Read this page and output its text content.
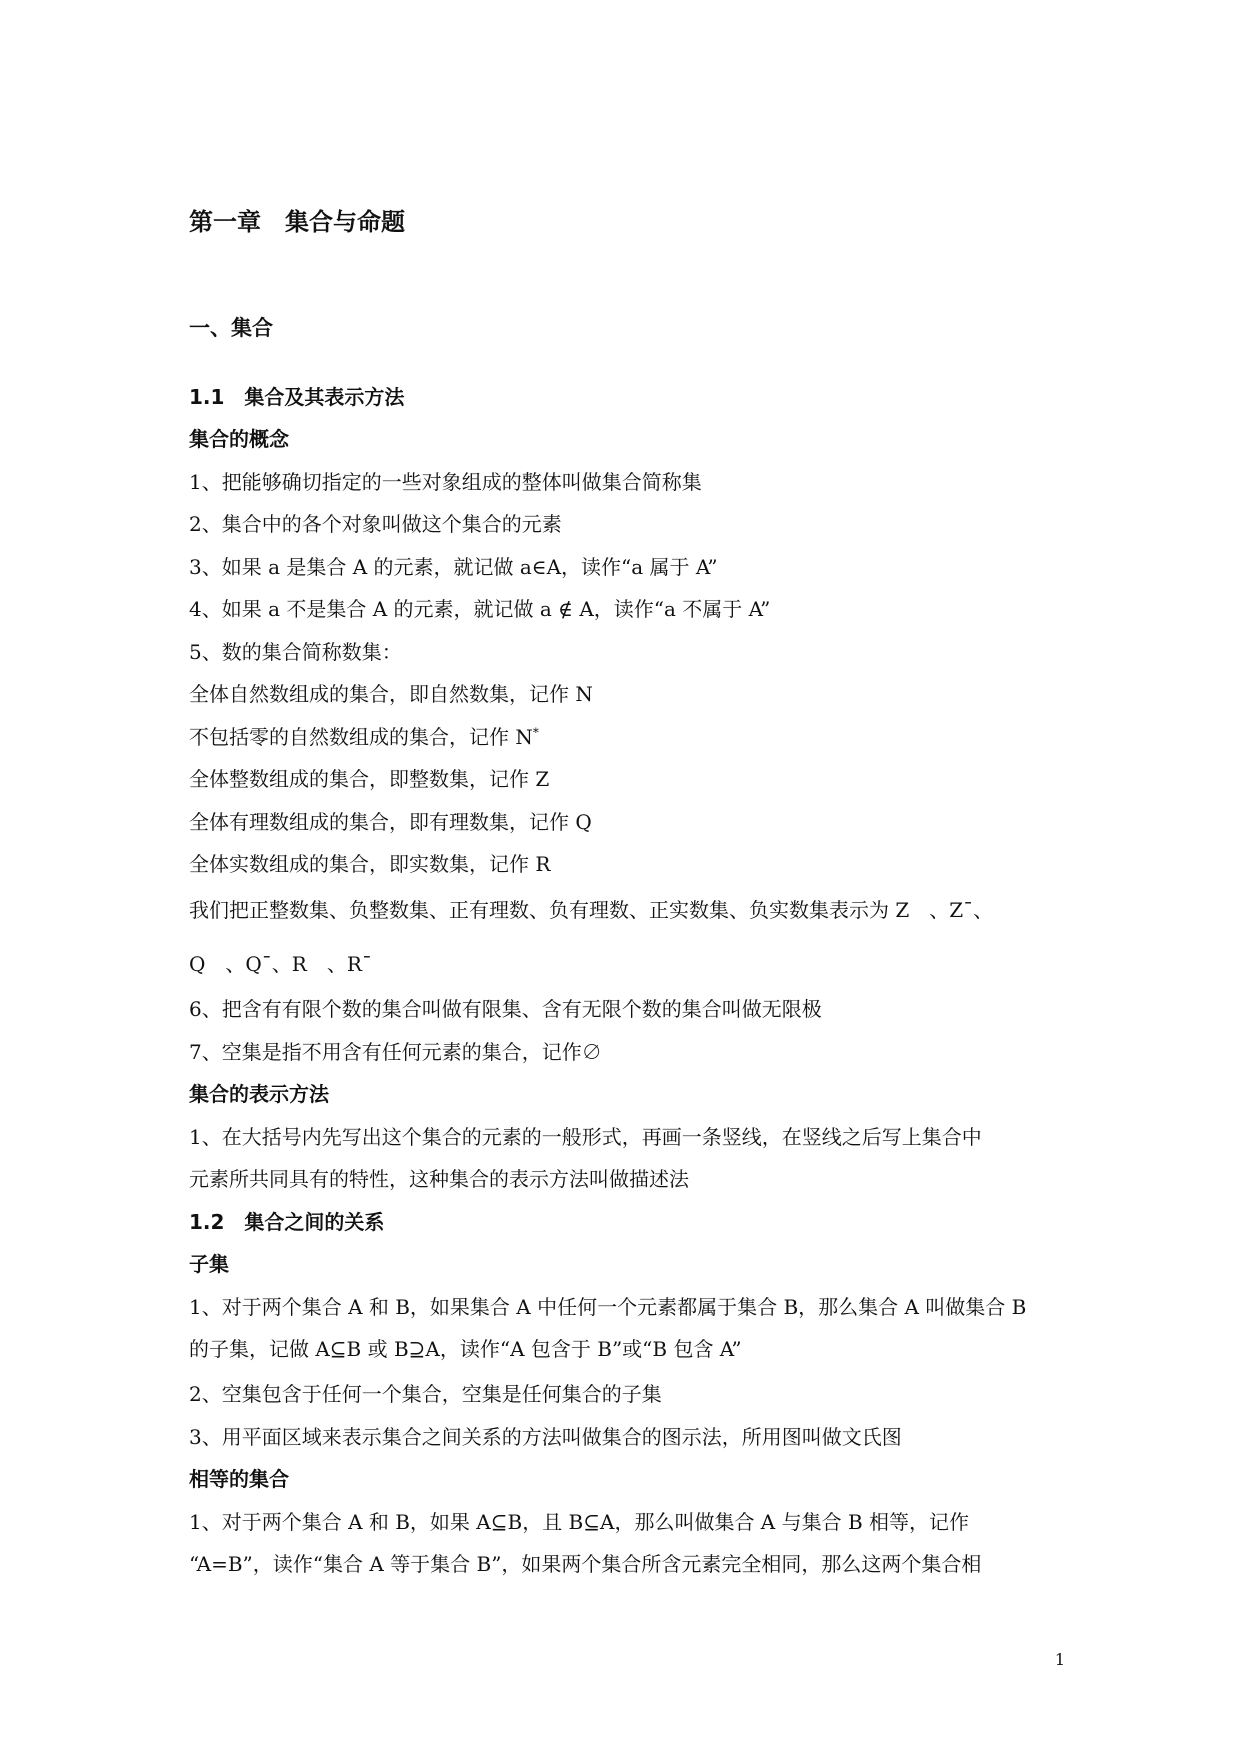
第一章　集合与命题
一、集合
1.1　集合及其表示方法
集合的概念

1、把能够确切指定的一些对象组成的整体叫做集合简称集

2、集合中的各个对象叫做这个集合的元素

3、如果 a 是集合 A 的元素，就记做 a∈A，读作“a 属于 A”

4、如果 a 不是集合 A 的元素，就记做 a ∉ A，读作“a 不属于 A”

5、数的集合简称数集：

全体自然数组成的集合，即自然数集，记作 N

不包括零的自然数组成的集合，记作 N*

全体整数组成的集合，即整数集，记作 Z

全体有理数组成的集合，即有理数集，记作 Q

全体实数组成的集合，即实数集，记作 R

我们把正整数集、负整数集、正有理数、负有理数、正实数集、负实数集表示为 Z　、Z¯、

Q　、Q¯、R　、R¯

6、把含有有限个数的集合叫做有限集、含有无限个数的集合叫做无限极

7、空集是指不用含有任何元素的集合，记作∅

集合的表示方法

1、在大括号内先写出这个集合的元素的一般形式，再画一条竖线，在竖线之后写上集合中

元素所共同具有的特性，这种集合的表示方法叫做描述法

1.2　集合之间的关系
子集

1、对于两个集合 A 和 B，如果集合 A 中任何一个元素都属于集合 B，那么集合 A 叫做集合 B

的子集，记做 A⊆B 或 B⊇A，读作“A 包含于 B”或“B 包含 A”

2、空集包含于任何一个集合，空集是任何集合的子集

3、用平面区域来表示集合之间关系的方法叫做集合的图示法，所用图叫做文氏图

相等的集合

1、对于两个集合 A 和 B，如果 A⊆B，且 B⊆A，那么叫做集合 A 与集合 B 相等，记作

“A=B”，读作“集合 A 等于集合 B”，如果两个集合所含元素完全相同，那么这两个集合相

1
